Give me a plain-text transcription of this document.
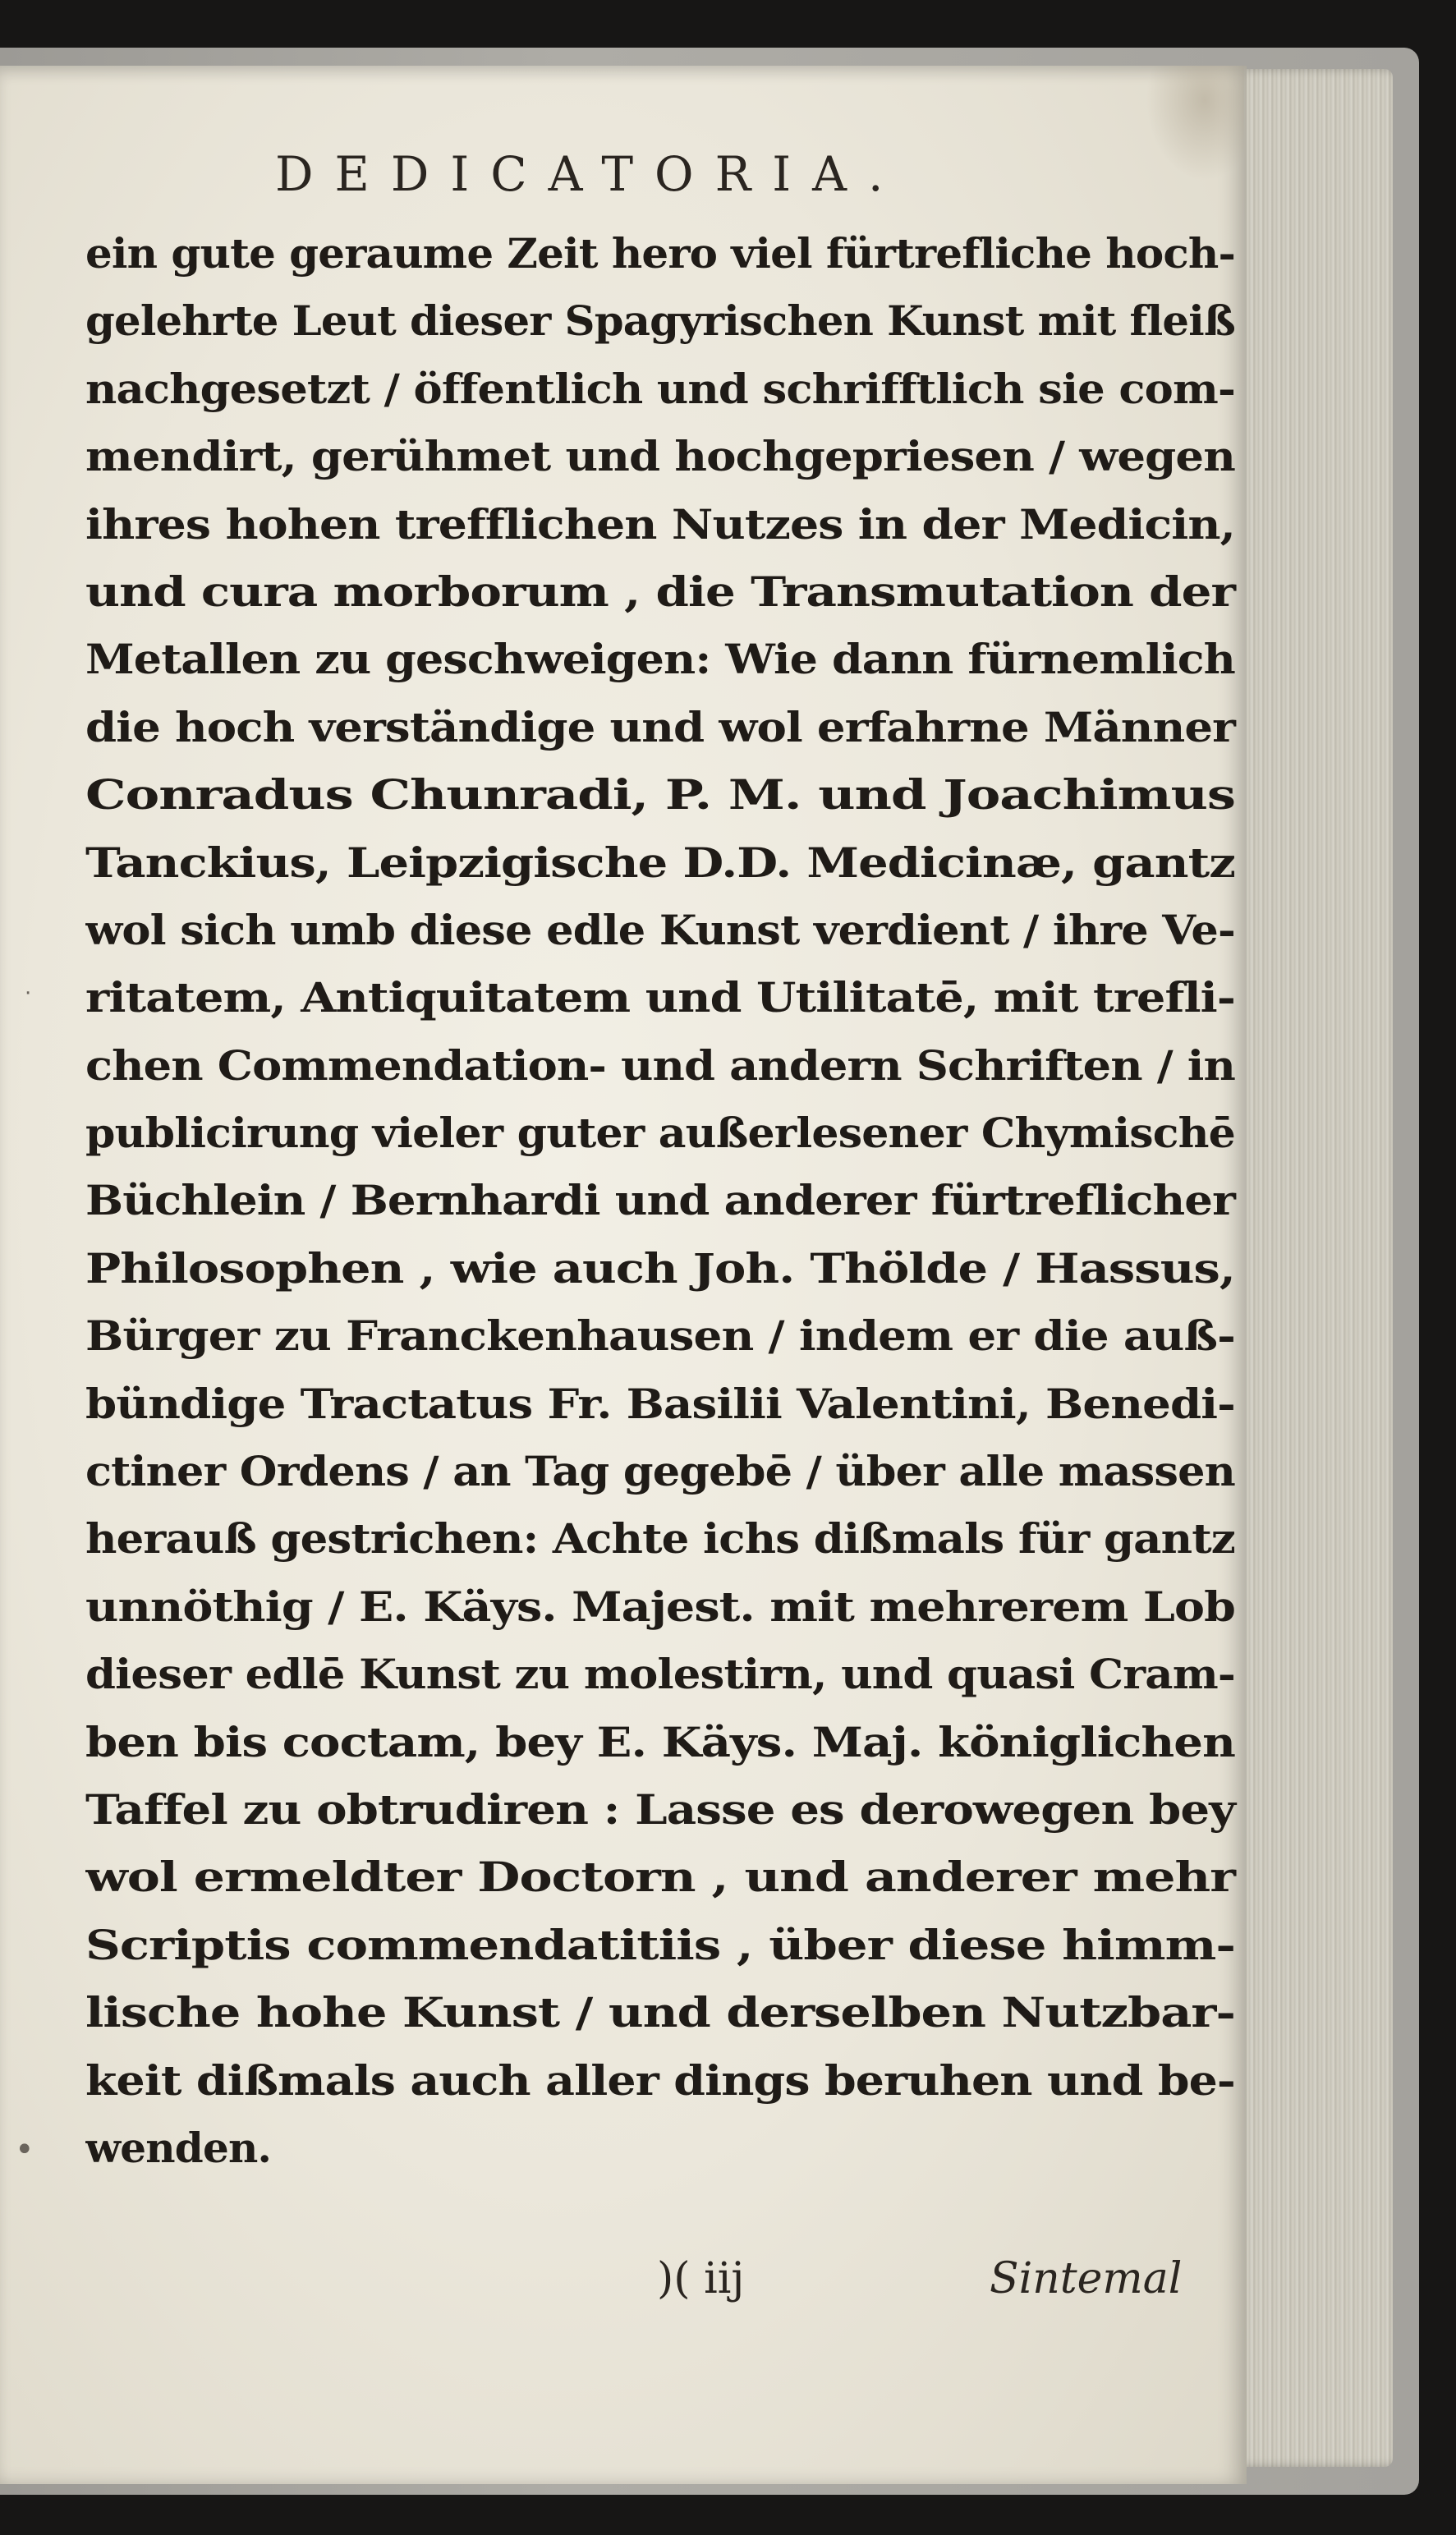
DEDICATORIA.
ein gute geraume Zeit hero viel fürtrefliche hoch-
gelehrte Leut dieser Spagyrischen Kunst mit fleiß
nachgesetzt / öffentlich und schrifftlich sie com-
mendirt, gerühmet und hochgepriesen / wegen
ihres hohen trefflichen Nutzes in der Medicin,
und cura morborum , die Transmutation der
Metallen zu geschweigen: Wie dann fürnemlich
die hoch verständige und wol erfahrne Männer
Conradus Chunradi, P. M. und Joachimus
Tanckius, Leipzigische D.D. Medicinæ, gantz
wol sich umb diese edle Kunst verdient / ihre Ve-
ritatem, Antiquitatem und Utilitatē, mit trefli-
chen Commendation- und andern Schriften / in
publicirung vieler guter außerlesener Chymischē
Büchlein / Bernhardi und anderer fürtreflicher
Philosophen , wie auch Joh. Thölde / Hassus,
Bürger zu Franckenhausen / indem er die auß-
bündige Tractatus Fr. Basilii Valentini, Benedi-
ctiner Ordens / an Tag gegebē / über alle massen
herauß gestrichen: Achte ichs dißmals für gantz
unnöthig / E. Käys. Majest. mit mehrerem Lob
dieser edlē Kunst zu molestirn, und quasi Cram-
ben bis coctam, bey E. Käys. Maj. königlichen
Taffel zu obtrudiren : Lasse es derowegen bey
wol ermeldter Doctorn , und anderer mehr
Scriptis commendatitiis , über diese himm-
lische hohe Kunst / und derselben Nutzbar-
keit dißmals auch aller dings beruhen und be-
wenden.
)( iij	Sintemal
•
·
